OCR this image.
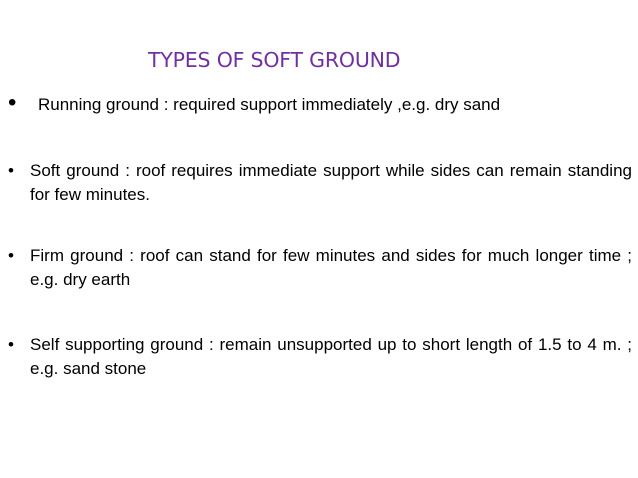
TYPES OF SOFT GROUND
• Running ground : required support immediately ,e.g. dry sand
• Soft ground : roof requires immediate support while sides can remain standing for few minutes.
• Firm ground : roof can stand for few minutes and sides for much longer time ; e.g. dry earth
• Self supporting ground : remain unsupported up to short length of 1.5 to 4 m. ; e.g. sand stone
